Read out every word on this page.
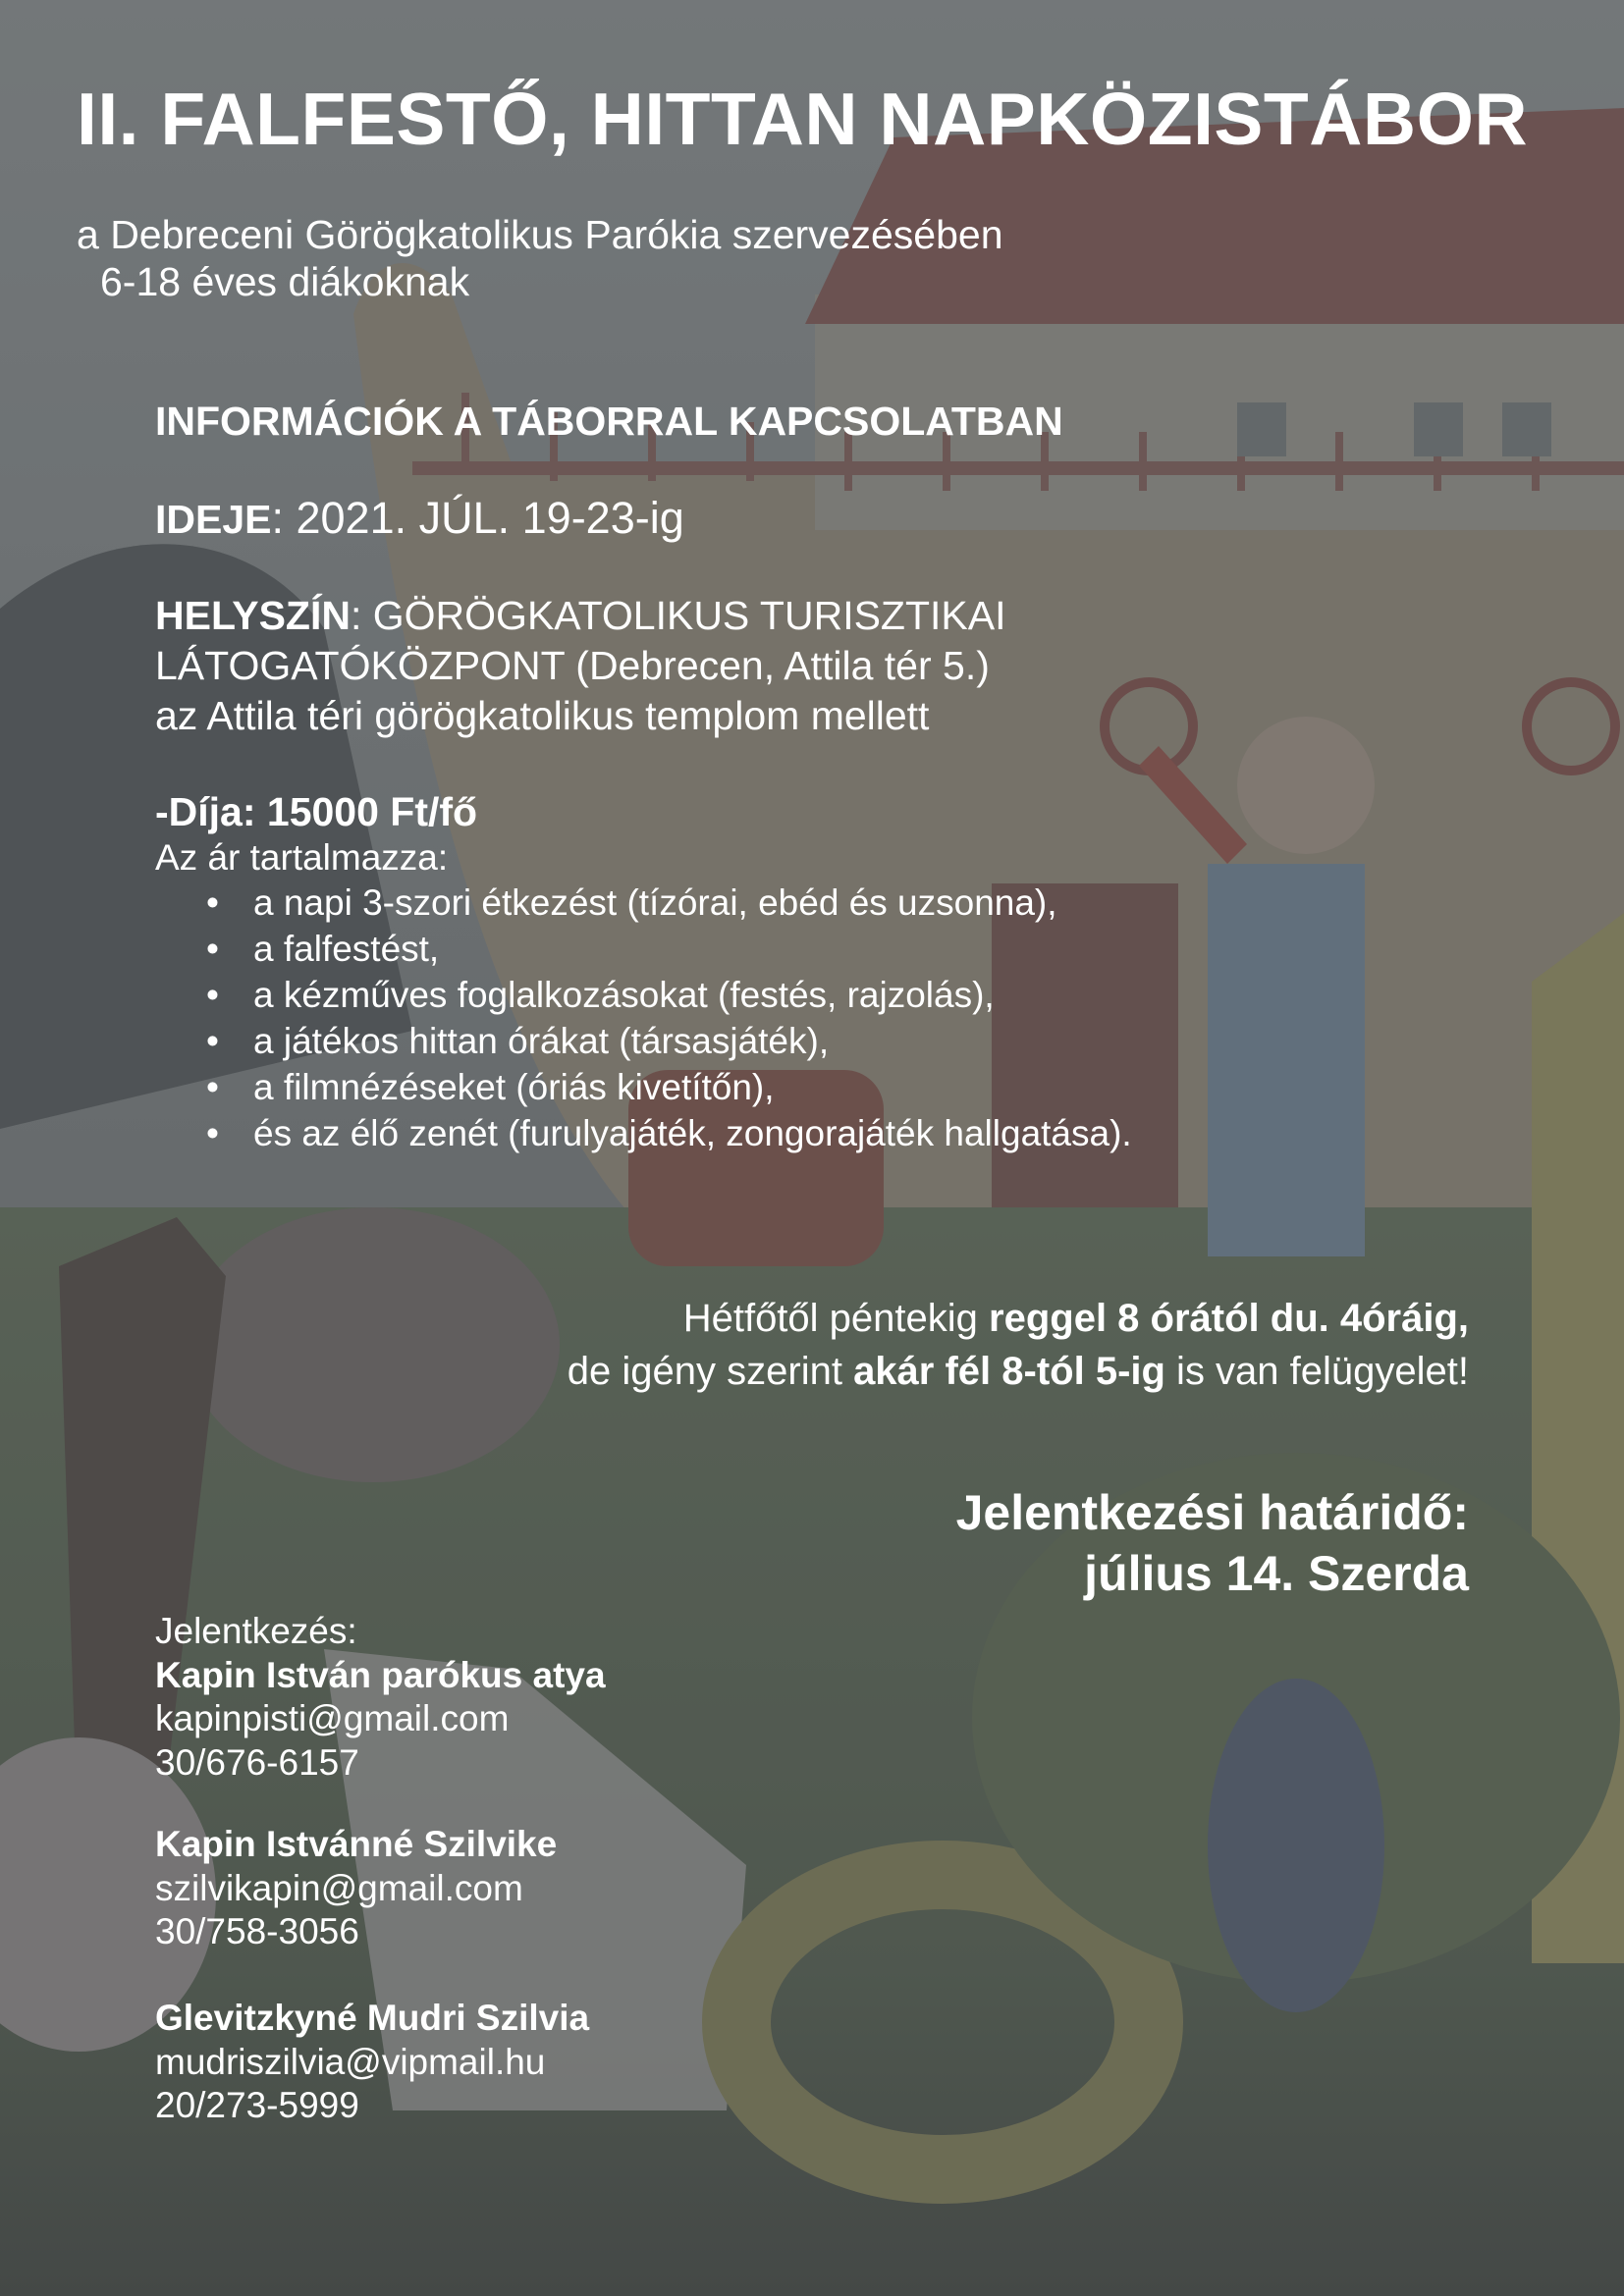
II. FALFESTŐ, HITTAN NAPKÖZISTÁBOR
a Debreceni Görögkatolikus Parókia szervezésében
6-18 éves diákoknak
INFORMÁCIÓK A TÁBORRAL KAPCSOLATBAN
IDEJE: 2021. JÚL. 19-23-ig
HELYSZÍN: GÖRÖGKATOLIKUS TURISZTIKAI
LÁTOGATÓKÖZPONT (Debrecen, Attila tér 5.)
az Attila téri görögkatolikus templom mellett
-Díja: 15000 Ft/fő
Az ár tartalmazza:
• a napi 3-szori étkezést (tízórai, ebéd és uzsonna),
• a falfestést,
• a kézműves foglalkozásokat (festés, rajzolás),
• a játékos hittan órákat (társasjáték),
• a filmnézéseket (óriás kivetítőn),
• és az élő zenét (furulyajáték, zongorajáték hallgatása).
Hétfőtől péntekig reggel 8 órától du. 4óráig,
de igény szerint akár fél 8-tól 5-ig is van felügyelet!
Jelentkezési határidő:
július 14. Szerda
Jelentkezés:
Kapin István parókus atya
kapinpisti@gmail.com
30/676-6157
Kapin Istvánné Szilvike
szilvikapin@gmail.com
30/758-3056
Glevitzkyné Mudri Szilvia
mudriszilvia@vipmail.hu
20/273-5999
